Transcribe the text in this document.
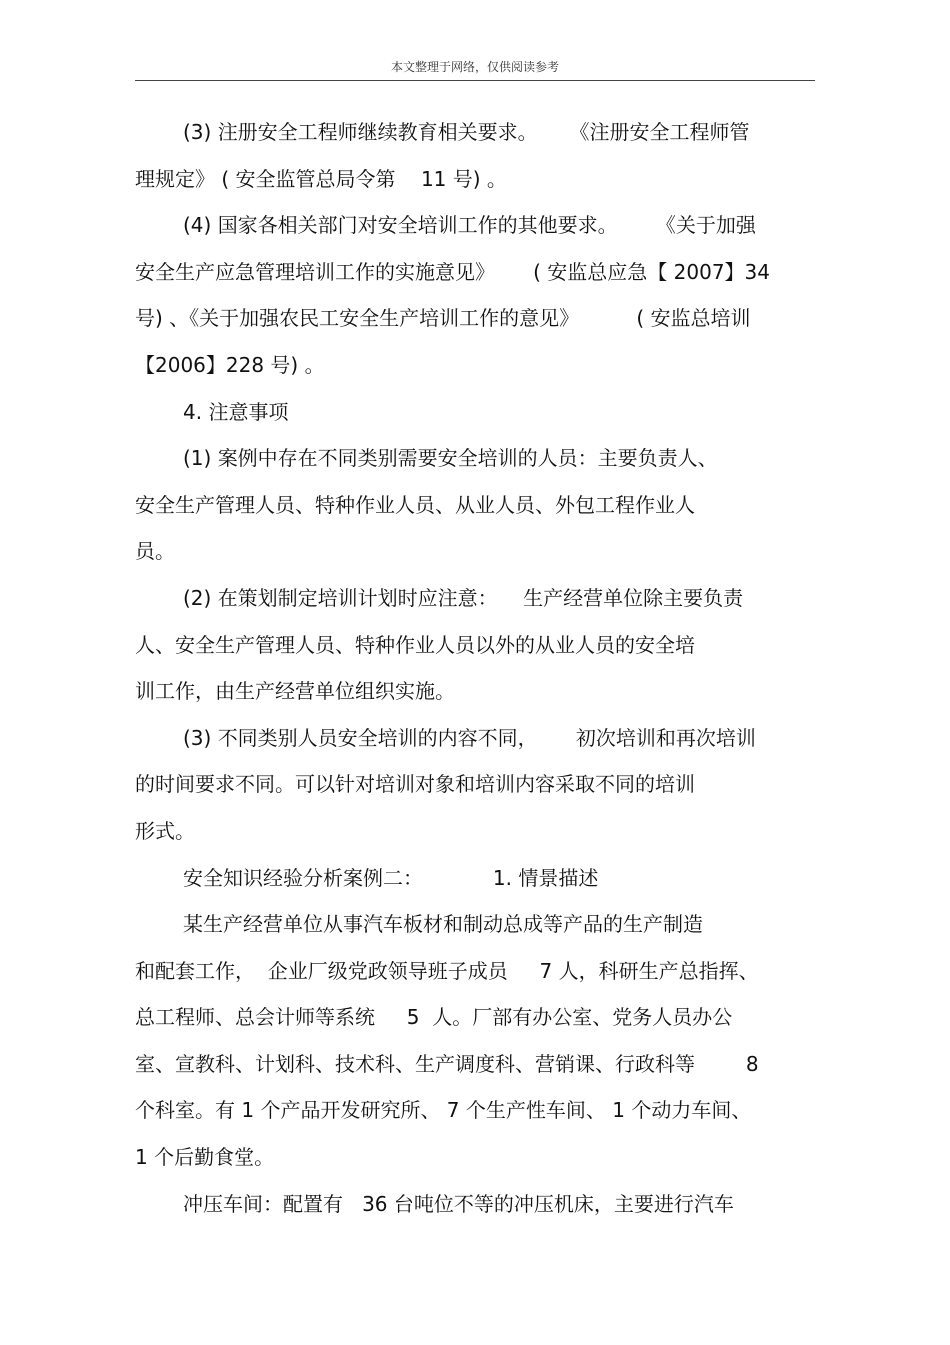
本文整理于网络，仅供阅读参考
(3) 注册安全工程师继续教育相关要求。     《注册安全工程师管
理规定》 ( 安全监管总局令第    11 号) 。
(4) 国家各相关部门对安全培训工作的其他要求。      《关于加强
安全生产应急管理培训工作的实施意见》      ( 安监总应急【 2007】34
号) 、《关于加强农民工安全生产培训工作的意见》         ( 安监总培训
【2006】228 号) 。
4. 注意事项
(1) 案例中存在不同类别需要安全培训的人员：主要负责人、
安全生产管理人员、特种作业人员、从业人员、外包工程作业人
员。
(2) 在策划制定培训计划时应注意：    生产经营单位除主要负责
人、安全生产管理人员、特种作业人员以外的从业人员的安全培
训工作，由生产经营单位组织实施。
(3) 不同类别人员安全培训的内容不同，      初次培训和再次培训
的时间要求不同。可以针对培训对象和培训内容采取不同的培训
形式。
安全知识经验分析案例二：           1. 情景描述
某生产经营单位从事汽车板材和制动总成等产品的生产制造
和配套工作，  企业厂级党政领导班子成员     7 人，科研生产总指挥、
总工程师、总会计师等系统     5  人。厂部有办公室、党务人员办公
室、宣教科、计划科、技术科、生产调度科、营销课、行政科等        8
个科室。有 1 个产品开发研究所、 7 个生产性车间、 1 个动力车间、
1 个后勤食堂。
冲压车间：配置有   36 台吨位不等的冲压机床，主要进行汽车
